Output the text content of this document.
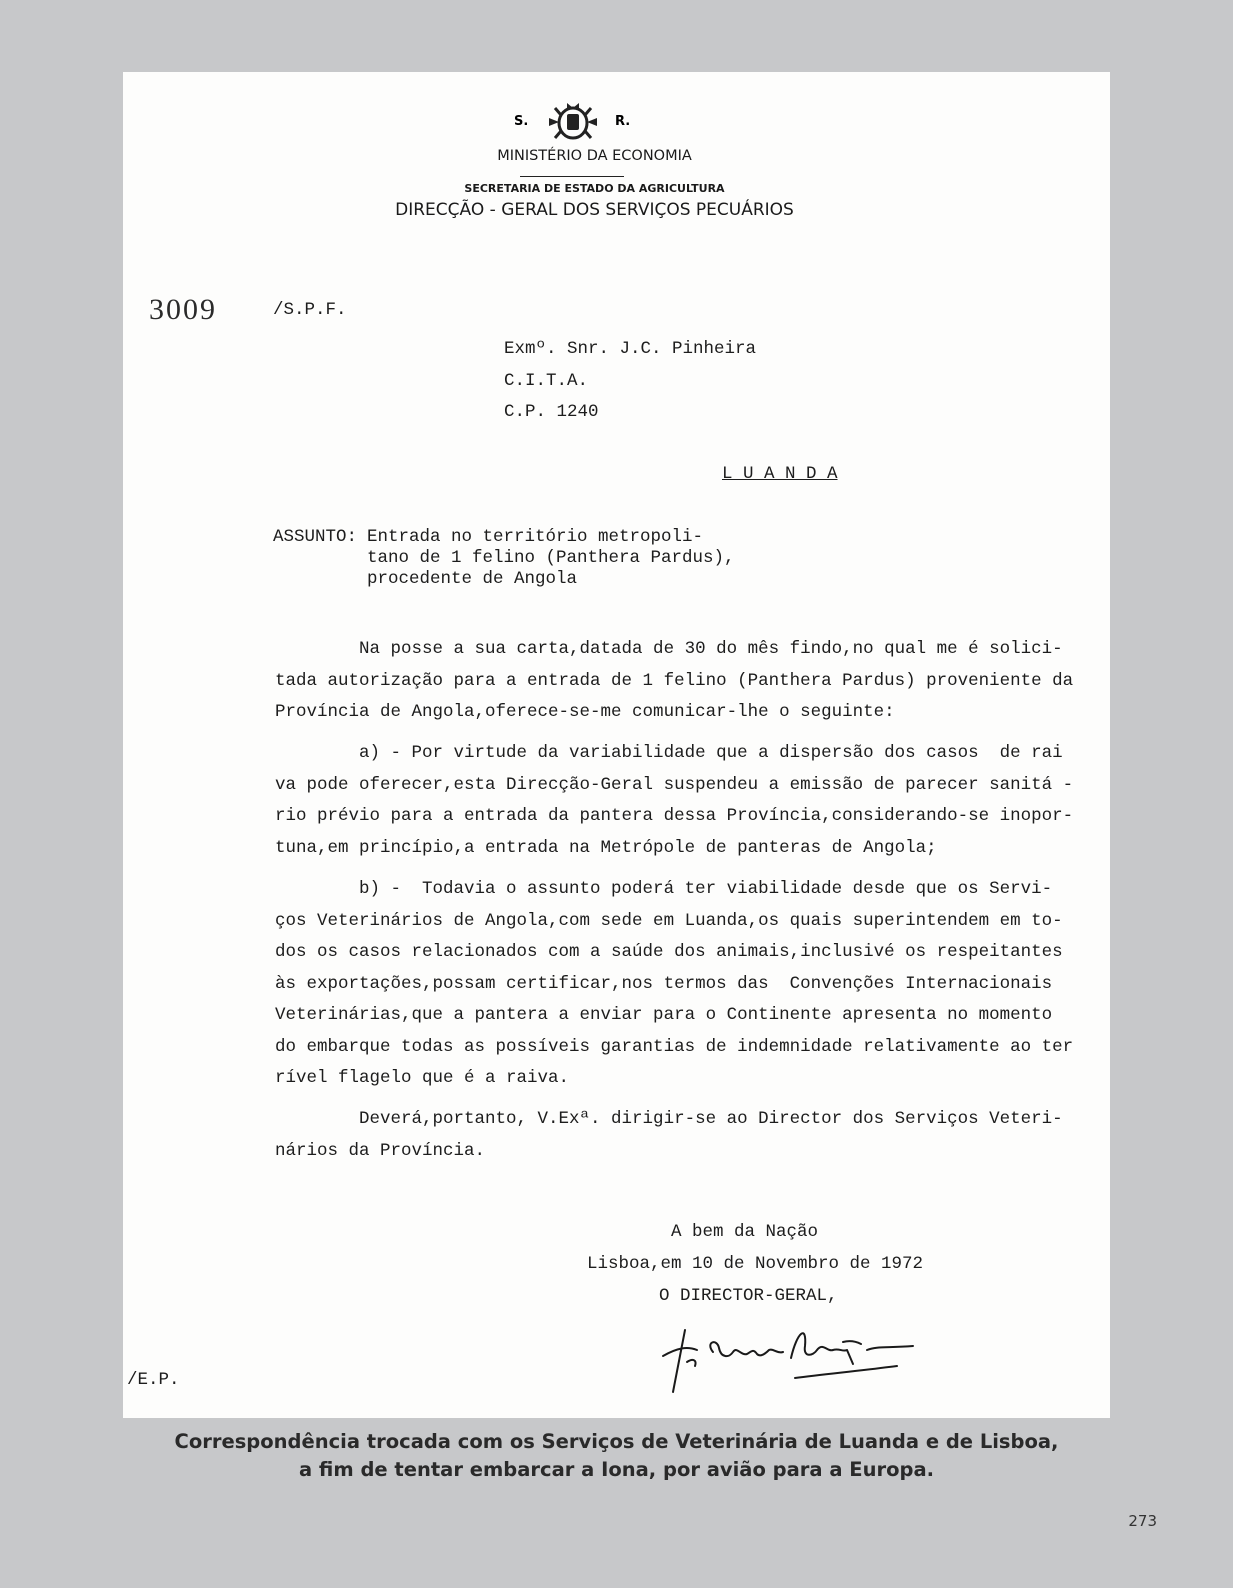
S.	R.
MINISTÉRIO DA ECONOMIA
SECRETARIA DE ESTADO DA AGRICULTURA
DIRECÇÃO - GERAL DOS SERVIÇOS PECUÁRIOS
3009	/S.P.F.
Exmº. Snr. J.C. Pinheira
C.I.T.A.
C.P. 1240
L U A N D A
ASSUNTO: Entrada no território metropoli-
tano de 1 felino (Panthera Pardus),
procedente de Angola
Na posse a sua carta,datada de 30 do mês findo,no qual me é solici-
tada autorização para a entrada de 1 felino (Panthera Pardus) proveniente da
Província de Angola,oferece-se-me comunicar-lhe o seguinte:
a) - Por virtude da variabilidade que a dispersão dos casos  de rai
va pode oferecer,esta Direcção-Geral suspendeu a emissão de parecer sanitá -
rio prévio para a entrada da pantera dessa Província,considerando-se inopor-
tuna,em princípio,a entrada na Metrópole de panteras de Angola;
b) -  Todavia o assunto poderá ter viabilidade desde que os Servi-
ços Veterinários de Angola,com sede em Luanda,os quais superintendem em to-
dos os casos relacionados com a saúde dos animais,inclusivé os respeitantes
às exportações,possam certificar,nos termos das  Convenções Internacionais
Veterinárias,que a pantera a enviar para o Continente apresenta no momento
do embarque todas as possíveis garantias de indemnidade relativamente ao ter
rível flagelo que é a raiva.
Deverá,portanto, V.Exª. dirigir-se ao Director dos Serviços Veteri-
nários da Província.
A bem da Nação
Lisboa,em 10 de Novembro de 1972
O DIRECTOR-GERAL,
/E.P.
Correspondência trocada com os Serviços de Veterinária de Luanda e de Lisboa,
a fim de tentar embarcar a Iona, por avião para a Europa.
273
